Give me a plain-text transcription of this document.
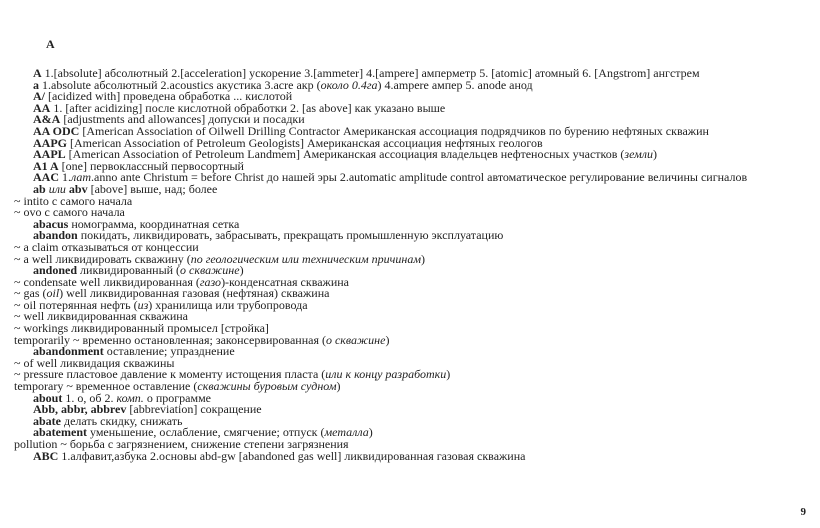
A

A 1.[absolute] абсолютный 2.[acceleration] ускорение 3.[ammeter] 4.[ampere] амперметр 5. [atomic] атомный 6. [Angstrom] ангстрем

a 1.absolute абсолютный 2.acoustics акустика 3.acre акр (около 0.4га) 4.ampere ампер 5. anode анод

A/ [acidized with] проведена обработка ... кислотой

AA 1. [after acidizing] после кислотной обработки 2. [as above] как указано выше

A&A [adjustments and allowances] допуски и посадки

AA ODC [American Association of Oilwell Drilling Contractor Американская ассоциация подрядчиков по бурению нефтяных скважин

AAPG [American Association of Petroleum Geologists] Американская ассоциация нефтяных геологов

AAPL [American Association of Petroleum Landmem] Американская ассоциация владельцев нефтеносных участков (земли)

A1 A [one] первоклассный первосортный

AAC 1.лат.anno ante Christum = before Christ до нашей эры 2.automatic amplitude control автоматическое регулирование величины сигналов

ab или abv [above] выше, над; более

~ intito с самого начала

~ ovo с самого начала

abacus номограмма, координатная сетка

abandon покидать, ликвидировать, забрасывать, прекращать промышленную эксплуатацию

~ a claim отказываться от концессии

~ a well ликвидировать скважину (по геологическим или техническим причинам)

andoned ликвидированный (о скважине)

~ condensate well ликвидированная (газо)-конденсатная скважина

~ gas (oil) well ликвидированная газовая (нефтяная) скважина

~ oil потерянная нефть (из) хранилища или трубопровода

~ well ликвидированная скважина

~ workings ликвидированный промысел [стройка]

temporarily ~ временно остановленная; законсервированная (о скважине)

abandonment оставление; упразднение

~ of well ликвидация скважины

~ pressure пластовое давление к моменту истощения пласта (или к концу разработки)

temporary ~ временное оставление (скважины буровым судном)

about 1. о, об 2. комп. о программе

Abb, abbr, abbrev [abbreviation] сокращение

abate делать скидку, снижать

abatement уменьшение, ослабление, смягчение; отпуск (металла)

pollution ~ борьба с загрязнением, снижение степени загрязнения

ABC 1.алфавит,азбука 2.основы abd-gw [abandoned gas well] ликвидированная газовая скважина

9
